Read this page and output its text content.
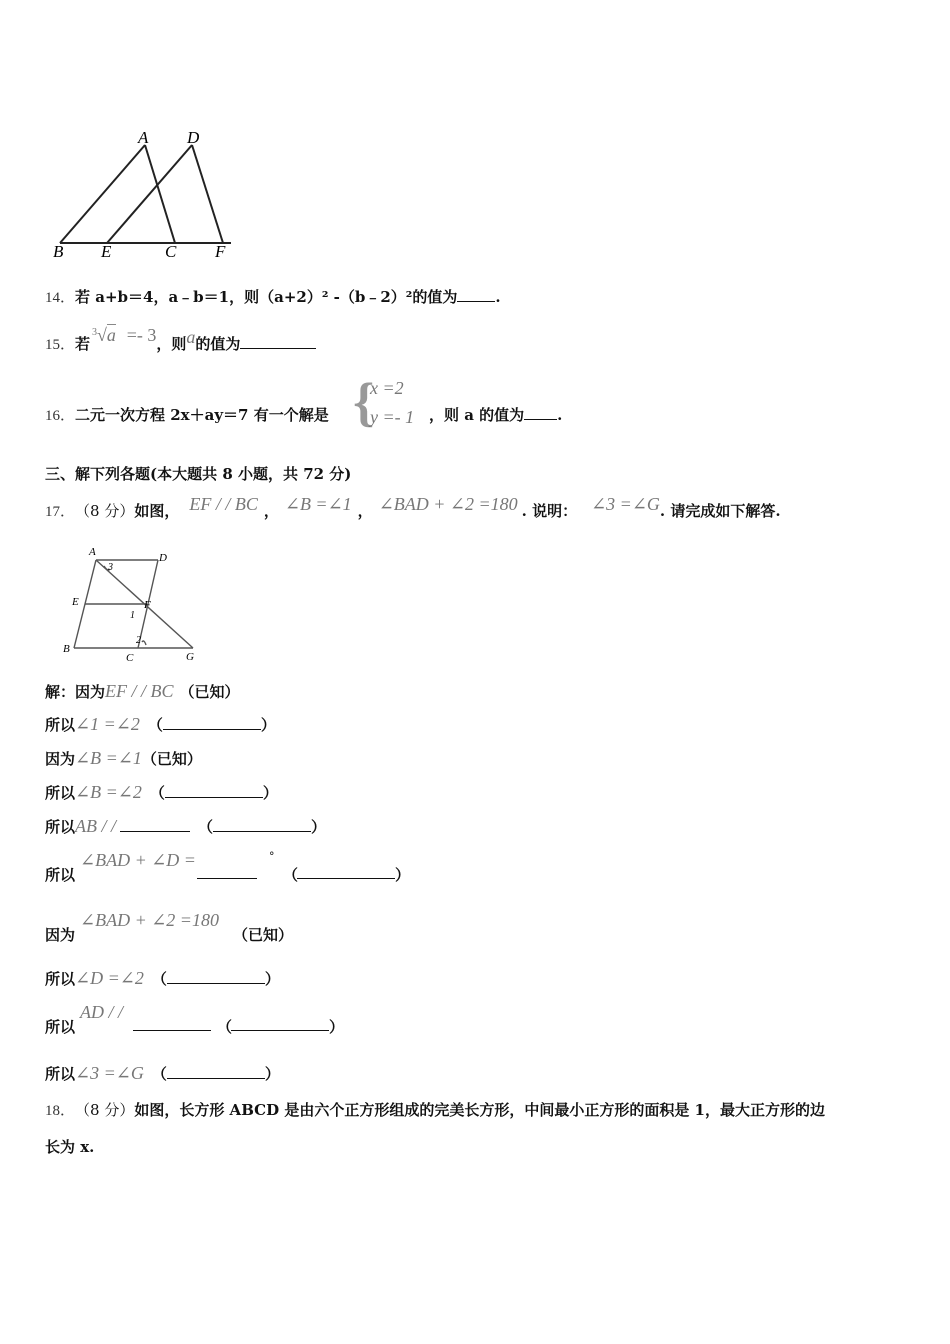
A D
B E	C F
14． 若 a+b＝4，a﹣b＝1，则（a+2）² -（b﹣2）²的值为	.
15． 若
$^3$√a =- 3 ，则 a 的值为
16． 二元一次方程 2x＋ay＝7 有一个解是 {
x =2
y =- 1 ，则 a 的值为 .
三、解下列各题(本大题共 8 小题，共 72 分)
17． （8 分） 如图， EF / / BC ， ∠B =∠1 ， ∠BAD + ∠2 =180 . 说明： ∠3 =∠G . 请完成如下解答.
A	D
E	F
B
C	G
1
2
3
解：因为 EF / / BC （已知）
所以 ∠1 =∠2 （	）
因为 ∠B =∠1 （已知）
所以 ∠B =∠2 （	）
所以 AB / /	（	）
所以
∠BAD + ∠D =	°
（	）
因为
∠BAD + ∠2 =180
（已知）
所以 ∠D =∠2 （	）
所以
AD / /
（	）
所以 ∠3 =∠G （	）
18． （8 分） 如图，长方形 ABCD 是由六个正方形组成的完美长方形，中间最小正方形的面积是 1，最大正方形的边
长为 x.
